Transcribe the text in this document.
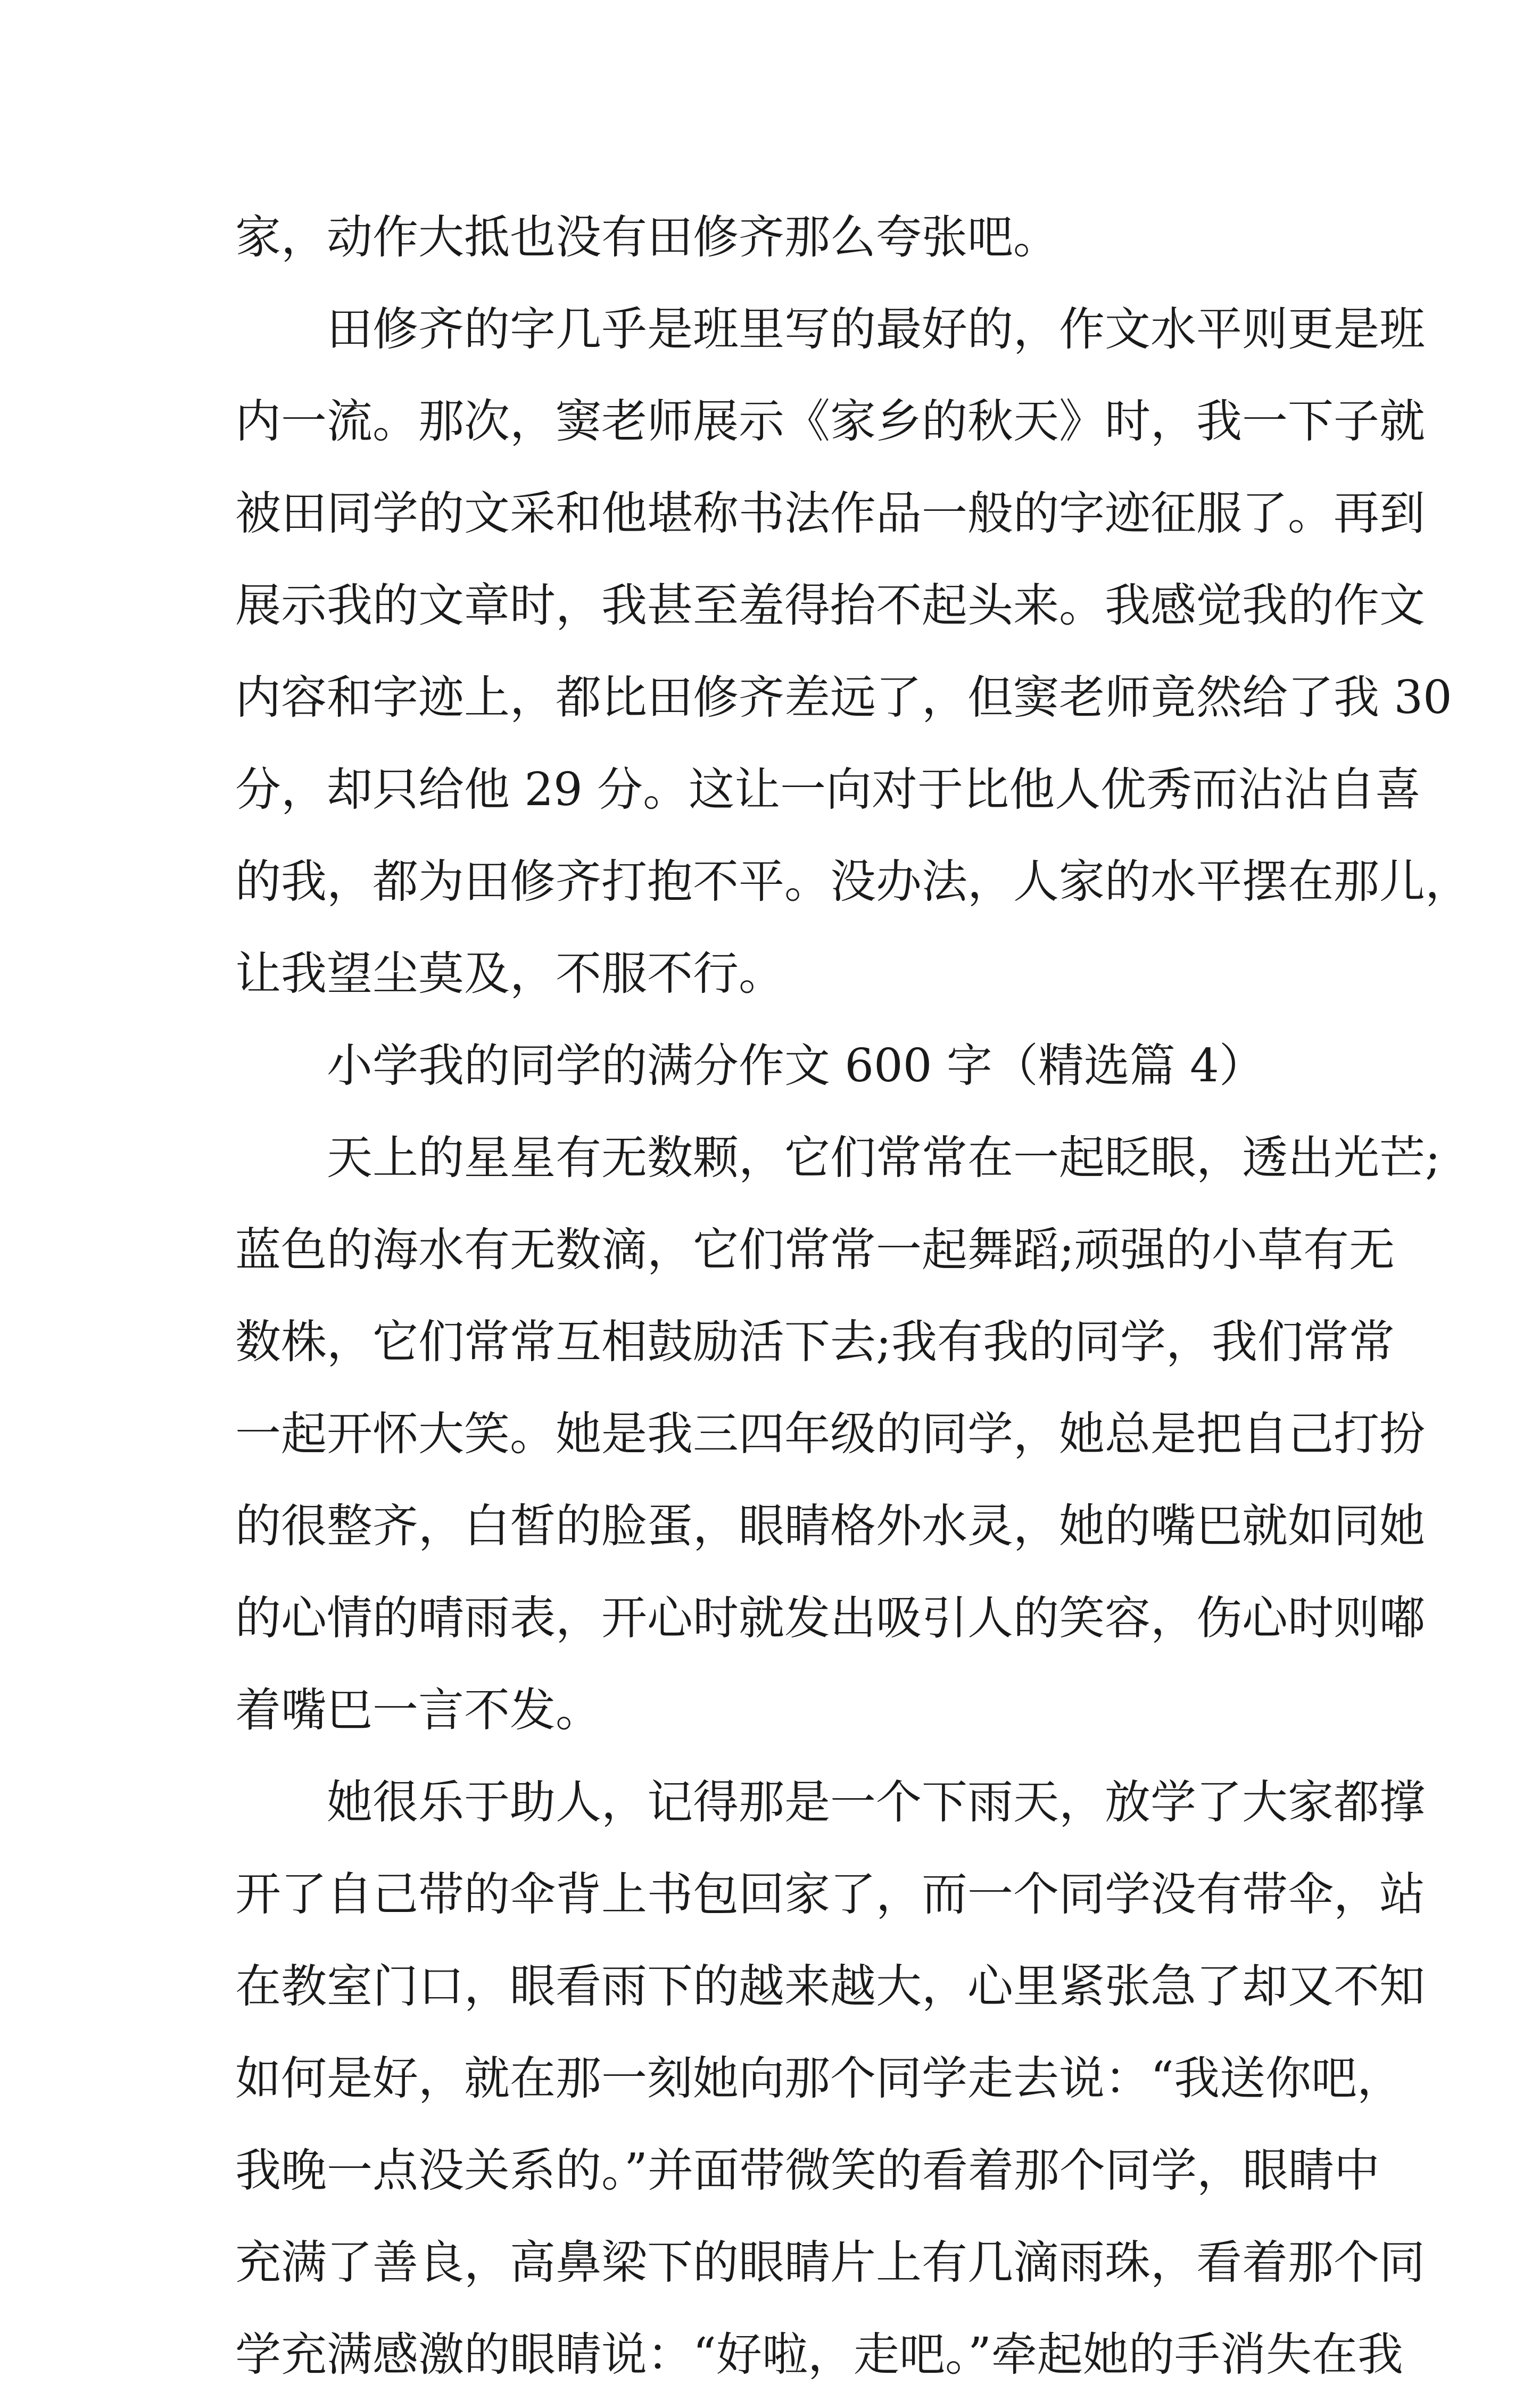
家，动作大抵也没有田修齐那么夸张吧。
田修齐的字几乎是班里写的最好的，作文水平则更是班
内一流。那次，窦老师展示《家乡的秋天》时，我一下子就
被田同学的文采和他堪称书法作品一般的字迹征服了。再到
展示我的文章时，我甚至羞得抬不起头来。我感觉我的作文
内容和字迹上，都比田修齐差远了，但窦老师竟然给了我 30
分，却只给他 29 分。这让一向对于比他人优秀而沾沾自喜
的我，都为田修齐打抱不平。没办法，人家的水平摆在那儿，
让我望尘莫及，不服不行。
小学我的同学的满分作文 600 字（精选篇 4）
天上的星星有无数颗，它们常常在一起眨眼，透出光芒;
蓝色的海水有无数滴，它们常常一起舞蹈;顽强的小草有无
数株，它们常常互相鼓励活下去;我有我的同学，我们常常
一起开怀大笑。她是我三四年级的同学，她总是把自己打扮
的很整齐，白皙的脸蛋，眼睛格外水灵，她的嘴巴就如同她
的心情的晴雨表，开心时就发出吸引人的笑容，伤心时则嘟
着嘴巴一言不发。
她很乐于助人，记得那是一个下雨天，放学了大家都撑
开了自己带的伞背上书包回家了，而一个同学没有带伞，站
在教室门口，眼看雨下的越来越大，心里紧张急了却又不知
如何是好，就在那一刻她向那个同学走去说：“我送你吧，
我晚一点没关系的。”并面带微笑的看着那个同学，眼睛中
充满了善良，高鼻梁下的眼睛片上有几滴雨珠，看着那个同
学充满感激的眼睛说：“好啦，走吧。”牵起她的手消失在我
